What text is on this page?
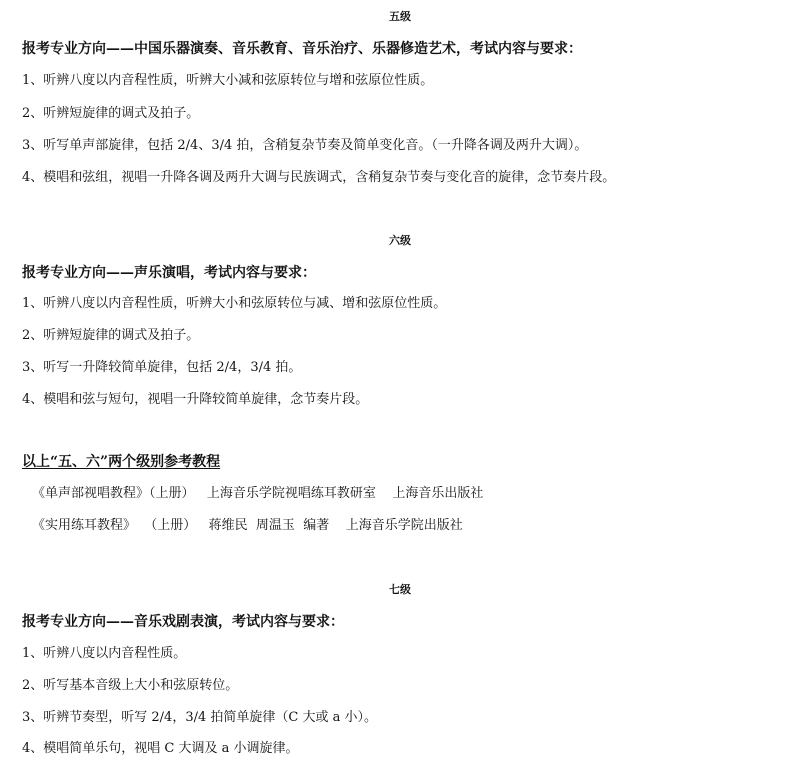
五级
报考专业方向——中国乐器演奏、音乐教育、音乐治疗、乐器修造艺术，考试内容与要求：
1、听辨八度以内音程性质，听辨大小减和弦原转位与增和弦原位性质。
2、听辨短旋律的调式及拍子。
3、听写单声部旋律，包括 2/4、3/4 拍，含稍复杂节奏及简单变化音。（一升降各调及两升大调）。
4、模唱和弦组，视唱一升降各调及两升大调与民族调式，含稍复杂节奏与变化音的旋律，念节奏片段。
六级
报考专业方向——声乐演唱，考试内容与要求：
1、听辨八度以内音程性质，听辨大小和弦原转位与减、增和弦原位性质。
2、听辨短旋律的调式及拍子。
3、听写一升降较简单旋律，包括 2/4，3/4 拍。
4、模唱和弦与短句，视唱一升降较简单旋律，念节奏片段。
以上“五、六”两个级别参考教程
《单声部视唱教程》（上册）   上海音乐学院视唱练耳教研室    上海音乐出版社
《实用练耳教程》  （上册）   蒋维民  周温玉  编著    上海音乐学院出版社
七级
报考专业方向——音乐戏剧表演，考试内容与要求：
1、听辨八度以内音程性质。
2、听写基本音级上大小和弦原转位。
3、听辨节奏型，听写 2/4，3/4 拍简单旋律（C 大或 a 小）。
4、模唱简单乐句，视唱 C 大调及 a 小调旋律。
